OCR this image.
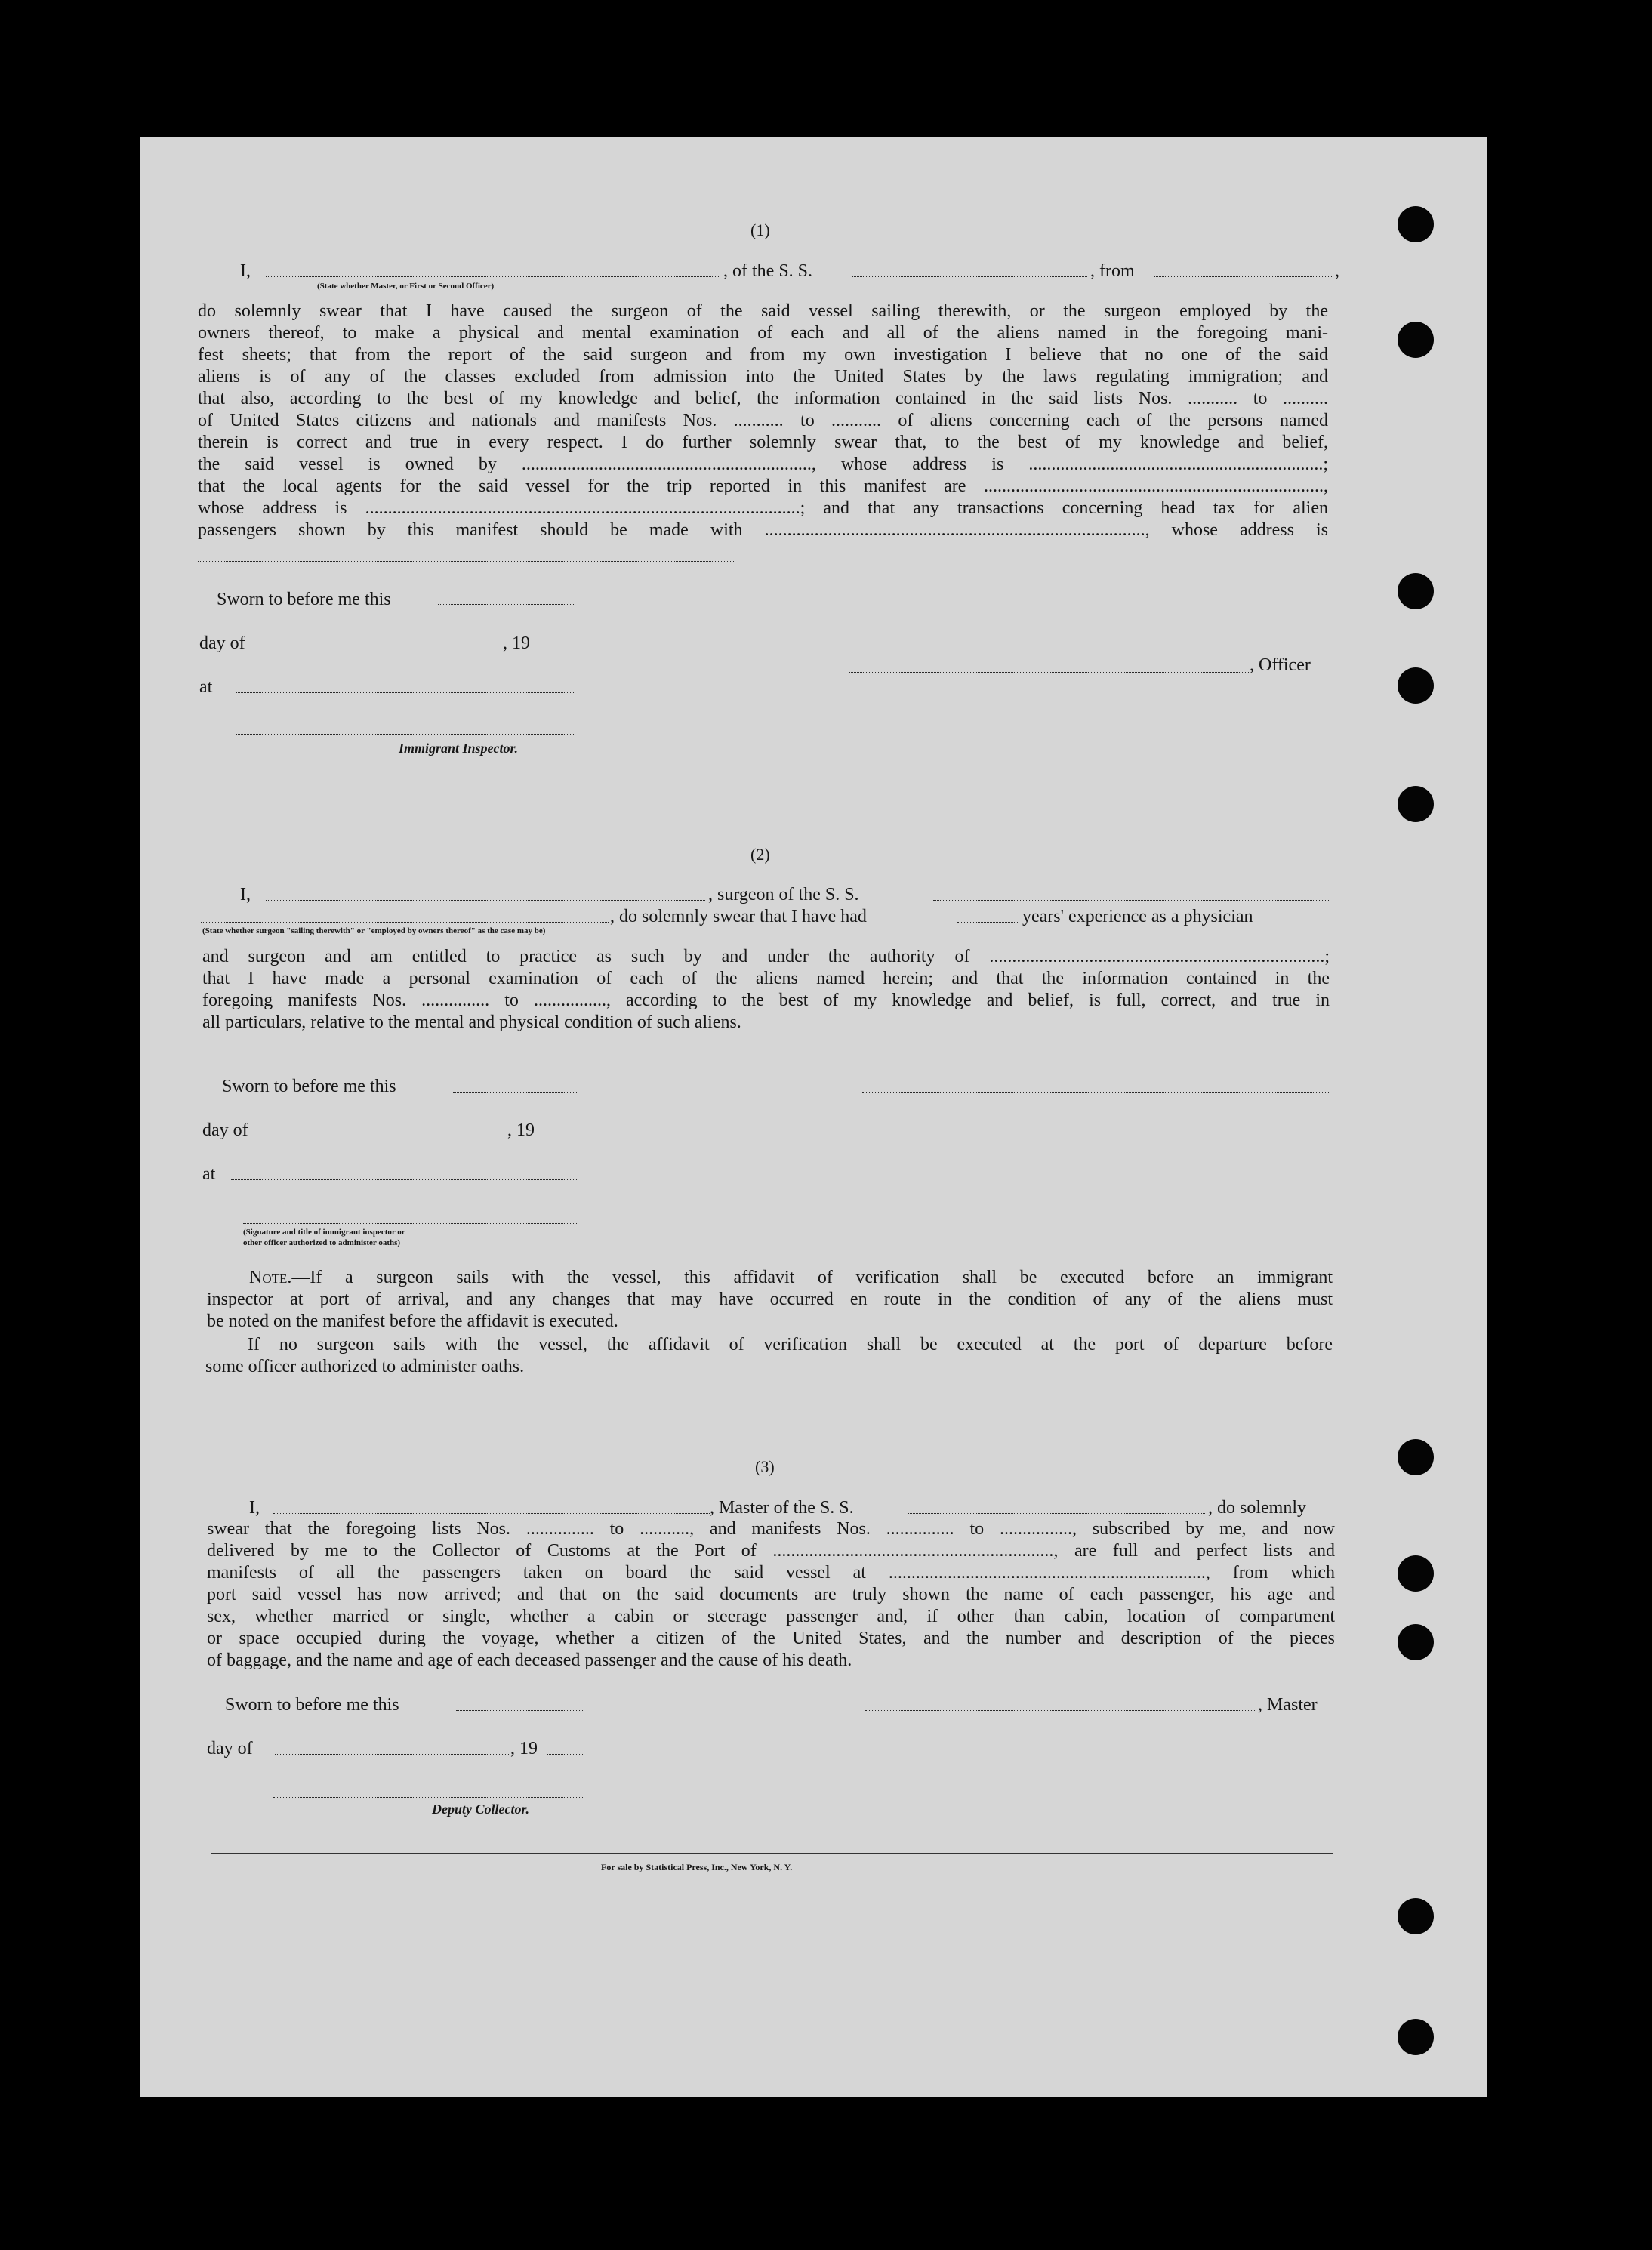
(1)
I,	, of the S. S.	, from	,
(State whether Master, or First or Second Officer)
do solemnly swear that I have caused the surgeon of the said vessel sailing therewith, or the surgeon employed by the
owners thereof, to make a physical and mental examination of each and all of the aliens named in the foregoing mani-
fest sheets; that from the report of the said surgeon and from my own investigation I believe that no one of the said
aliens is of any of the classes excluded from admission into the United States by the laws regulating immigration; and
that also, according to the best of my knowledge and belief, the information contained in the said lists Nos. ........... to ..........
of United States citizens and nationals and manifests Nos. ........... to ........... of aliens concerning each of the persons named
therein is correct and true in every respect. I do further solemnly swear that, to the best of my knowledge and belief,
the said vessel is owned by ................................................................, whose address is .................................................................;
that the local agents for the said vessel for the trip reported in this manifest are ...........................................................................,
whose address is ................................................................................................; and that any transactions concerning head tax for alien
passengers shown by this manifest should be made with ...................................................................................., whose address is
Sworn to before me this
day of	, 19
, Officer
at
Immigrant Inspector.
(2)
I,	, surgeon of the S. S.
, do solemnly swear that I have had	years' experience as a physician
(State whether surgeon "sailing therewith" or "employed by owners thereof" as the case may be)
and surgeon and am entitled to practice as such by and under the authority of ..........................................................................;
that I have made a personal examination of each of the aliens named herein; and that the information contained in the
foregoing manifests Nos. ............... to ................, according to the best of my knowledge and belief, is full, correct, and true in
all particulars, relative to the mental and physical condition of such aliens.
Sworn to before me this
day of	, 19
at
(Signature and title of immigrant inspector or
other officer authorized to administer oaths)
Note.—If a surgeon sails with the vessel, this affidavit of verification shall be executed before an immigrant
inspector at port of arrival, and any changes that may have occurred en route in the condition of any of the aliens must
be noted on the manifest before the affidavit is executed.
If no surgeon sails with the vessel, the affidavit of verification shall be executed at the port of departure before
some officer authorized to administer oaths.
(3)
I,	, Master of the S. S.	, do solemnly
swear that the foregoing lists Nos. ............... to ..........., and manifests Nos. ............... to ................, subscribed by me, and now
delivered by me to the Collector of Customs at the Port of .............................................................., are full and perfect lists and
manifests of all the passengers taken on board the said vessel at ......................................................................, from which
port said vessel has now arrived; and that on the said documents are truly shown the name of each passenger, his age and
sex, whether married or single, whether a cabin or steerage passenger and, if other than cabin, location of compartment
or space occupied during the voyage, whether a citizen of the United States, and the number and description of the pieces
of baggage, and the name and age of each deceased passenger and the cause of his death.
Sworn to before me this	, Master
day of	, 19
Deputy Collector.
For sale by Statistical Press, Inc., New York, N. Y.
